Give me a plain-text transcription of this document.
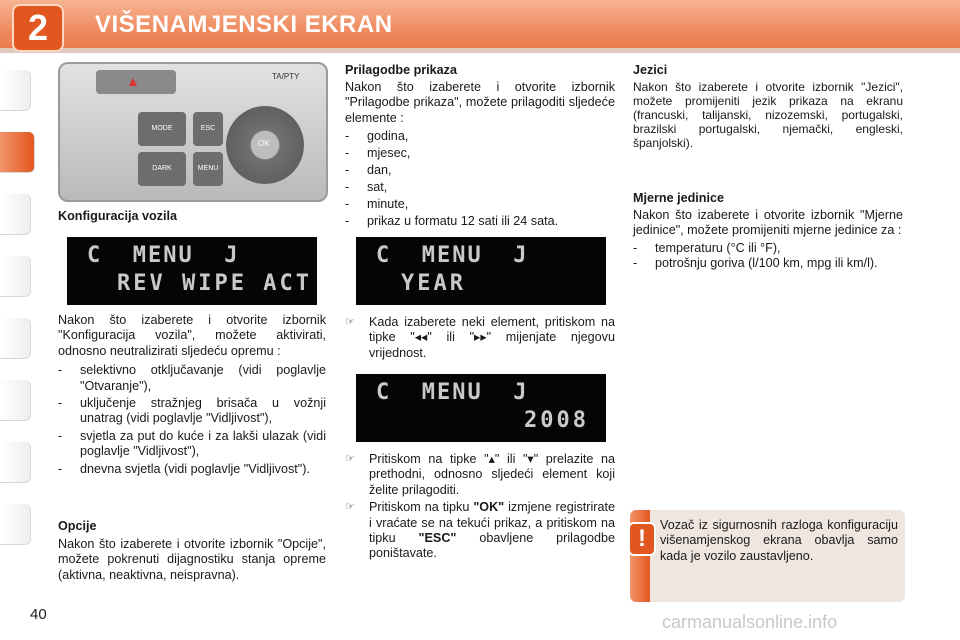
2	VIŠENAMJENSKI EKRAN
▲	TA/PTY
MODE
DARK
ESC
MENU
OK
Konfiguracija vozila

C  MENU  J

REV WIPE ACT

Nakon što izaberete i otvorite izbornik "Konfiguracija vozila", možete aktivirati, odnosno neutralizirati sljedeću opremu :
- selektivno otključavanje (vidi poglavlje "Otvaranje"),
- uključenje stražnjeg brisača u vožnji unatrag (vidi poglavlje "Vidljivost"),
- svjetla za put do kuće i za lakši ulazak (vidi poglavlje "Vidljivost"),
- dnevna svjetla (vidi poglavlje "Vidljivost").
Opcije
Nakon što izaberete i otvorite izbornik "Opcije", možete pokrenuti dijagnostiku stanja opreme (aktivna, neaktivna, neispravna).
Prilagodbe prikaza
Nakon što izaberete i otvorite izbornik "Prilagodbe prikaza", možete prilagoditi sljedeće elemente :
- godina,
- mjesec,
- dan,
- sat,
- minute,
- prikaz u formatu 12 sati ili 24 sata.

C  MENU  J

YEAR

☞ Kada izaberete neki element, pritiskom na tipke "◂◂" ili "▸▸" mijenjate njegovu vrijednost.

C  MENU  J

2008

☞ Pritiskom na tipke "▴" ili "▾" prelazite na prethodni, odnosno sljedeći element koji želite prilagoditi.
☞ Pritiskom na tipku "OK" izmjene registrirate i vraćate se na tekući prikaz, a pritiskom na tipku "ESC" obavljene prilagodbe poništavate.
Jezici
Nakon što izaberete i otvorite izbornik "Jezici", možete promijeniti jezik prikaza na ekranu (francuski, talijanski, nizozemski, portugalski, brazilski portugalski, njemački, engleski, španjolski).
Mjerne jedinice
Nakon što izaberete i otvorite izbornik "Mjerne jedinice", možete promijeniti mjerne jedinice za :
- temperaturu (°C ili °F),
- potrošnju goriva (l/100 km, mpg ili km/l).
!	Vozač iz sigurnosnih razloga konfiguraciju višenamjenskog ekrana obavlja samo kada je vozilo zaustavljeno.
40	carmanualsonline.info
